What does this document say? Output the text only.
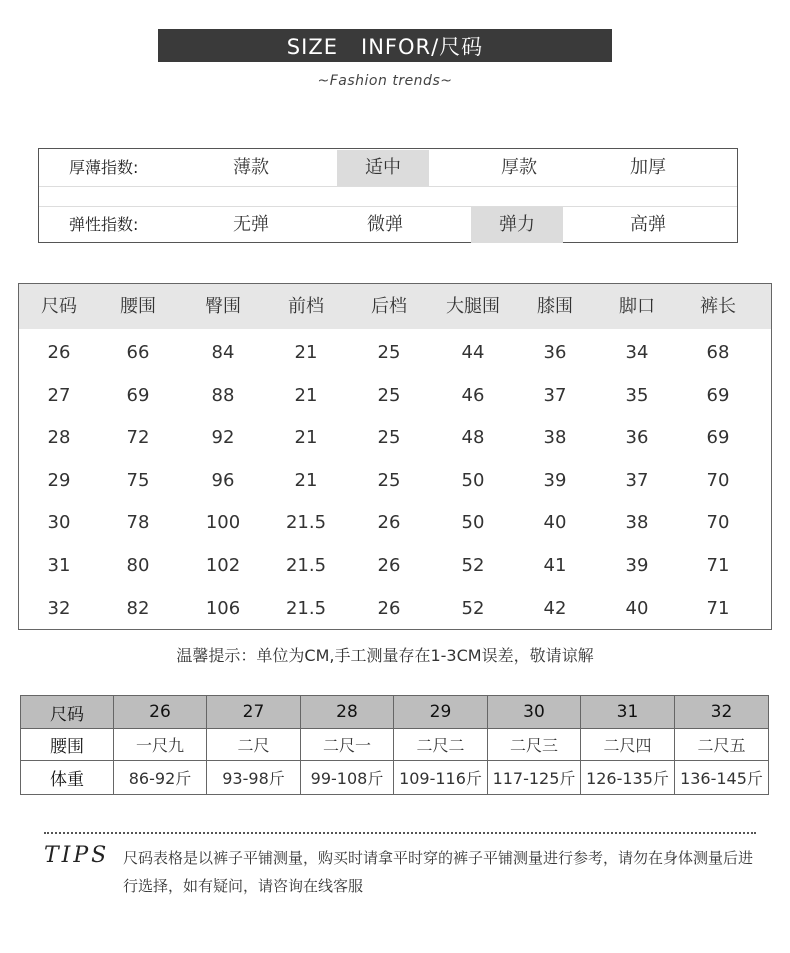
SIZE   INFOR/尺码
~Fashion trends~
厚薄指数:	薄款	适中	厚款	加厚
弹性指数:	无弹	微弹	弹力	高弹
尺码	腰围	臀围	前档	后档	大腿围	膝围	脚口	裤长
26	66	84	21	25	44	36	34	68
27	69	88	21	25	46	37	35	69
28	72	92	21	25	48	38	36	69
29	75	96	21	25	50	39	37	70
30	78	100	21.5	26	50	40	38	70
31	80	102	21.5	26	52	41	39	71
32	82	106	21.5	26	52	42	40	71
温馨提示：单位为CM,手工测量存在1-3CM误差，敬请谅解
尺码	26	27	28	29	30	31	32
腰围	一尺九	二尺	二尺一	二尺二	二尺三	二尺四	二尺五
体重	86-92斤	93-98斤	99-108斤 109-116斤 117-125斤 126-135斤 136-145斤
TIPS 尺码表格是以裤子平铺测量，购买时请拿平时穿的裤子平铺测量进行参考，请勿在身体测量后进行选择，如有疑问，请咨询在线客服
